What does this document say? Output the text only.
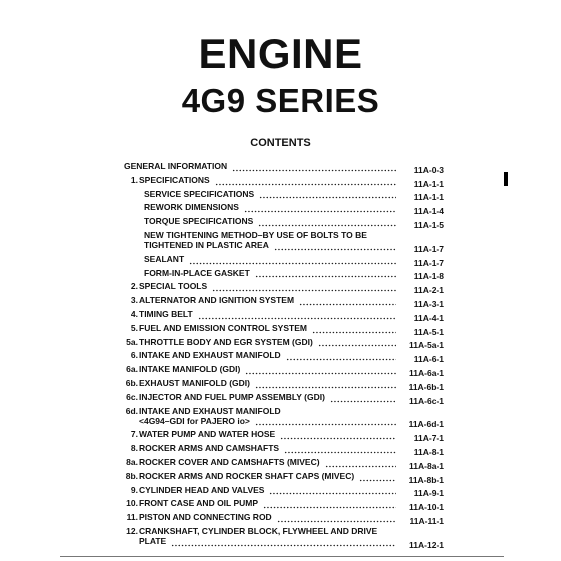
ENGINE
4G9 SERIES
CONTENTS
GENERAL INFORMATION	11A-0-3
1. SPECIFICATIONS	11A-1-1
SERVICE SPECIFICATIONS	11A-1-1
REWORK DIMENSIONS	11A-1-4
TORQUE SPECIFICATIONS	11A-1-5
NEW TIGHTENING METHOD–BY USE OF BOLTS TO BE
TIGHTENED IN PLASTIC AREA	11A-1-7
SEALANT	11A-1-7
FORM-IN-PLACE GASKET	11A-1-8
2. SPECIAL TOOLS	11A-2-1
3. ALTERNATOR AND IGNITION SYSTEM	11A-3-1
4. TIMING BELT	11A-4-1
5. FUEL AND EMISSION CONTROL SYSTEM	11A-5-1
5a. THROTTLE BODY AND EGR SYSTEM (GDI)	11A-5a-1
6. INTAKE AND EXHAUST MANIFOLD	11A-6-1
6a. INTAKE MANIFOLD (GDI)	11A-6a-1
6b. EXHAUST MANIFOLD (GDI)	11A-6b-1
6c. INJECTOR AND FUEL PUMP ASSEMBLY (GDI)	11A-6c-1
6d. INTAKE AND EXHAUST MANIFOLD
<4G94–GDI for PAJERO io>	11A-6d-1
7. WATER PUMP AND WATER HOSE	11A-7-1
8. ROCKER ARMS AND CAMSHAFTS	11A-8-1
8a. ROCKER COVER AND CAMSHAFTS (MIVEC)	11A-8a-1
8b. ROCKER ARMS AND ROCKER SHAFT CAPS (MIVEC)	11A-8b-1
9. CYLINDER HEAD AND VALVES	11A-9-1
10. FRONT CASE AND OIL PUMP	11A-10-1
11. PISTON AND CONNECTING ROD	11A-11-1
12. CRANKSHAFT, CYLINDER BLOCK, FLYWHEEL AND DRIVE
PLATE	11A-12-1
